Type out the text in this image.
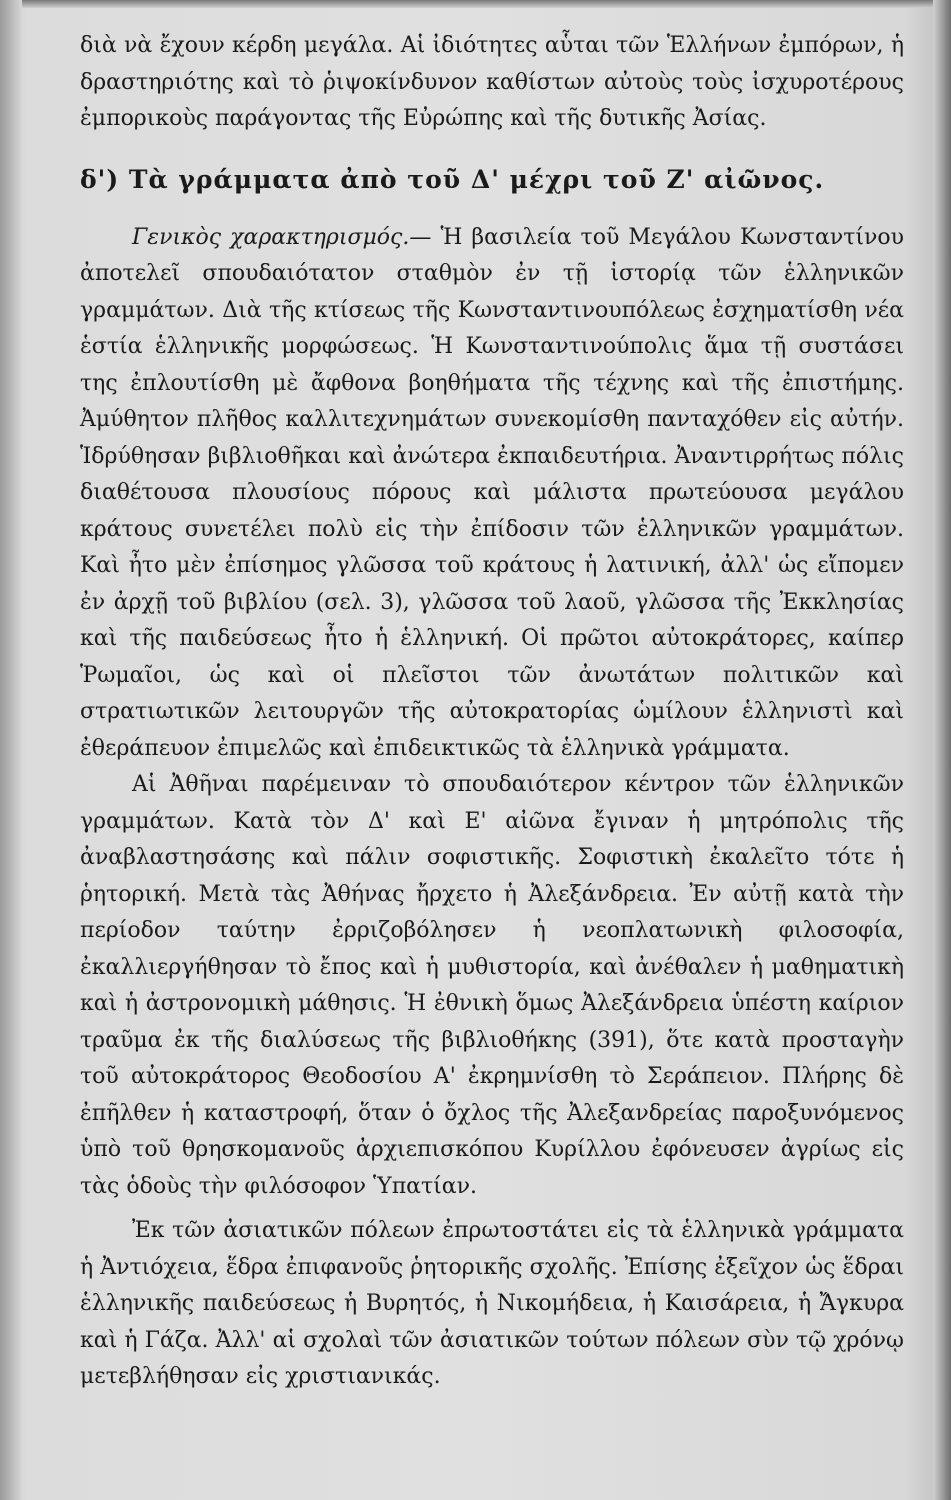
διὰ νὰ ἔχουν κέρδη μεγάλα. Αἱ ἰδιότητες αὗται τῶν Ἑλλήνων ἐμπόρων, ἡ δραστηριότης καὶ τὸ ῥιψοκίνδυνον καθίστων αὐτοὺς τοὺς ἰσχυροτέρους ἐμπορικοὺς παράγοντας τῆς Εὐρώπης καὶ τῆς δυτικῆς Ἀσίας.

δ') Τὰ γράμματα ἀπὸ τοῦ Δ' μέχρι τοῦ Ζ' αἰῶνος.

Γενικὸς χαρακτηρισμός.— Ἡ βασιλεία τοῦ Μεγάλου Κωνσταντίνου ἀποτελεῖ σπουδαιότατον σταθμὸν ἐν τῇ ἱστορίᾳ τῶν ἑλληνικῶν γραμμάτων. Διὰ τῆς κτίσεως τῆς Κωνσταντινουπόλεως ἐσχηματίσθη νέα ἑστία ἑλληνικῆς μορφώσεως. Ἡ Κωνσταντινούπολις ἅμα τῇ συστάσει της ἐπλουτίσθη μὲ ἄφθονα βοηθήματα τῆς τέχνης καὶ τῆς ἐπιστήμης. Ἀμύθητον πλῆθος καλλιτεχνημάτων συνεκομίσθη πανταχόθεν εἰς αὐτήν. Ἱδρύθησαν βιβλιοθῆκαι καὶ ἀνώτερα ἐκπαιδευτήρια. Ἀναντιρρήτως πόλις διαθέτουσα πλουσίους πόρους καὶ μάλιστα πρωτεύουσα μεγάλου κράτους συνετέλει πολὺ εἰς τὴν ἐπίδοσιν τῶν ἑλληνικῶν γραμμάτων. Καὶ ἦτο μὲν ἐπίσημος γλῶσσα τοῦ κράτους ἡ λατινική, ἀλλ' ὡς εἴπομεν ἐν ἀρχῇ τοῦ βιβλίου (σελ. 3), γλῶσσα τοῦ λαοῦ, γλῶσσα τῆς Ἐκκλησίας καὶ τῆς παιδεύσεως ἦτο ἡ ἑλληνική. Οἱ πρῶτοι αὐτοκράτορες, καίπερ Ῥωμαῖοι, ὡς καὶ οἱ πλεῖστοι τῶν ἀνωτάτων πολιτικῶν καὶ στρατιωτικῶν λειτουργῶν τῆς αὐτοκρατορίας ὡμίλουν ἑλληνιστὶ καὶ ἐθεράπευον ἐπιμελῶς καὶ ἐπιδεικτικῶς τὰ ἑλληνικὰ γράμματα.

Αἱ Ἀθῆναι παρέμειναν τὸ σπουδαιότερον κέντρον τῶν ἑλληνικῶν γραμμάτων. Κατὰ τὸν Δ' καὶ Ε' αἰῶνα ἔγιναν ἡ μητρόπολις τῆς ἀναβλαστησάσης καὶ πάλιν σοφιστικῆς. Σοφιστικὴ ἐκαλεῖτο τότε ἡ ῥητορική. Μετὰ τὰς Ἀθήνας ἤρχετο ἡ Ἀλεξάνδρεια. Ἐν αὐτῇ κατὰ τὴν περίοδον ταύτην ἐρριζοβόλησεν ἡ νεοπλατωνικὴ φιλοσοφία, ἐκαλλιεργήθησαν τὸ ἔπος καὶ ἡ μυθιστορία, καὶ ἀνέθαλεν ἡ μαθηματικὴ καὶ ἡ ἀστρονομικὴ μάθησις. Ἡ ἐθνικὴ ὅμως Ἀλεξάνδρεια ὑπέστη καίριον τραῦμα ἐκ τῆς διαλύσεως τῆς βιβλιοθήκης (391), ὅτε κατὰ προσταγὴν τοῦ αὐτοκράτορος Θεοδοσίου Α' ἐκρημνίσθη τὸ Σεράπειον. Πλήρης δὲ ἐπῆλθεν ἡ καταστροφή, ὅταν ὁ ὄχλος τῆς Ἀλεξανδρείας παροξυνόμενος ὑπὸ τοῦ θρησκομανοῦς ἀρχιεπισκόπου Κυρίλλου ἐφόνευσεν ἀγρίως εἰς τὰς ὁδοὺς τὴν φιλόσοφον Ὑπατίαν.

Ἐκ τῶν ἀσιατικῶν πόλεων ἐπρωτοστάτει εἰς τὰ ἑλληνικὰ γράμματα ἡ Ἀντιόχεια, ἕδρα ἐπιφανοῦς ῥητορικῆς σχολῆς. Ἐπίσης ἐξεῖχον ὡς ἕδραι ἑλληνικῆς παιδεύσεως ἡ Βυρητός, ἡ Νικομήδεια, ἡ Καισάρεια, ἡ Ἄγκυρα καὶ ἡ Γάζα. Ἀλλ' αἱ σχολαὶ τῶν ἀσιατικῶν τούτων πόλεων σὺν τῷ χρόνῳ μετεβλήθησαν εἰς χριστιανικάς.
